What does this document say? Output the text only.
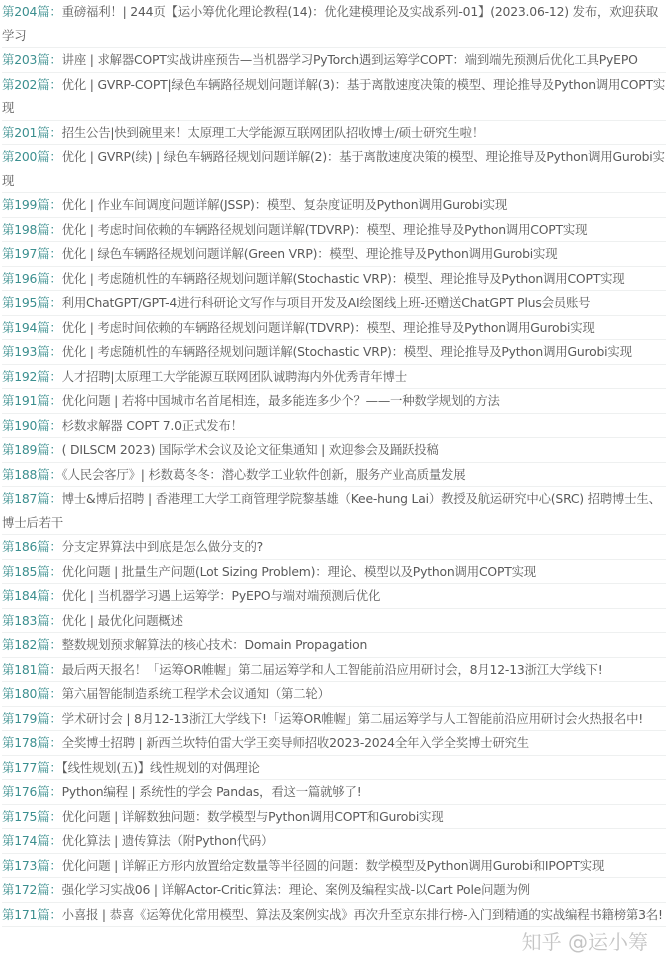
第204篇：重磅福利！| 244页【运小筹优化理论教程(14)：优化建模理论及实战系列-01】(2023.06-12) 发布，欢迎获取学习
第203篇：讲座 | 求解器COPT实战讲座预告—当机器学习PyTorch遇到运筹学COPT：端到端先预测后优化工具PyEPO
第202篇：优化 | GVRP-COPT|绿色车辆路径规划问题详解(3)：基于离散速度决策的模型、理论推导及Python调用COPT实现
第201篇：招生公告|快到碗里来！太原理工大学能源互联网团队招收博士/硕士研究生啦！
第200篇：优化 | GVRP(续) | 绿色车辆路径规划问题详解(2)：基于离散速度决策的模型、理论推导及Python调用Gurobi实现
第199篇：优化 | 作业车间调度问题详解(JSSP)：模型、复杂度证明及Python调用Gurobi实现
第198篇：优化 | 考虑时间依赖的车辆路径规划问题详解(TDVRP)：模型、理论推导及Python调用COPT实现
第197篇：优化 | 绿色车辆路径规划问题详解(Green VRP)：模型、理论推导及Python调用Gurobi实现
第196篇：优化 | 考虑随机性的车辆路径规划问题详解(Stochastic VRP)：模型、理论推导及Python调用COPT实现
第195篇：利用ChatGPT/GPT-4进行科研论文写作与项目开发及AI绘图线上班-还赠送ChatGPT Plus会员账号
第194篇：优化 | 考虑时间依赖的车辆路径规划问题详解(TDVRP)：模型、理论推导及Python调用Gurobi实现
第193篇：优化 | 考虑随机性的车辆路径规划问题详解(Stochastic VRP)：模型、理论推导及Python调用Gurobi实现
第192篇：人才招聘|太原理工大学能源互联网团队诚聘海内外优秀青年博士
第191篇：优化问题 | 若将中国城市名首尾相连，最多能连多少个？——一种数学规划的方法
第190篇：杉数求解器 COPT 7.0正式发布！
第189篇：( DILSCM 2023) 国际学术会议及论文征集通知 | 欢迎参会及踊跃投稿
第188篇：《人民会客厅》| 杉数葛冬冬：潜心数学工业软件创新，服务产业高质量发展
第187篇：博士&博后招聘 | 香港理工大学工商管理学院黎基雄（Kee-hung Lai）教授及航运研究中心(SRC) 招聘博士生、博士后若干
第186篇：分支定界算法中到底是怎么做分支的?
第185篇：优化问题 | 批量生产问题(Lot Sizing Problem)：理论、模型以及Python调用COPT实现
第184篇：优化 | 当机器学习遇上运筹学：PyEPO与端对端预测后优化
第183篇：优化 | 最优化问题概述
第182篇：整数规划预求解算法的核心技术：Domain Propagation
第181篇：最后两天报名！「运筹OR帷幄」第二届运筹学和人工智能前沿应用研讨会，8月12-13浙江大学线下!
第180篇：第六届智能制造系统工程学术会议通知（第二轮）
第179篇：学术研讨会 | 8月12-13浙江大学线下!「运筹OR帷幄」第二届运筹学与人工智能前沿应用研讨会火热报名中!
第178篇：全奖博士招聘 | 新西兰坎特伯雷大学王奕导师招收2023-2024全年入学全奖博士研究生
第177篇：【线性规划(五)】线性规划的对偶理论
第176篇：Python编程 | 系统性的学会 Pandas，看这一篇就够了!
第175篇：优化问题 | 详解数独问题：数学模型与Python调用COPT和Gurobi实现
第174篇：优化算法 | 遗传算法（附Python代码）
第173篇：优化问题 | 详解正方形内放置给定数量等半径圆的问题：数学模型及Python调用Gurobi和IPOPT实现
第172篇：强化学习实战06 | 详解Actor-Critic算法：理论、案例及编程实战-以Cart Pole问题为例
第171篇：小喜报 | 恭喜《运筹优化常用模型、算法及案例实战》再次升至京东排行榜-入门到精通的实战编程书籍榜第3名!
知乎 @运小筹
